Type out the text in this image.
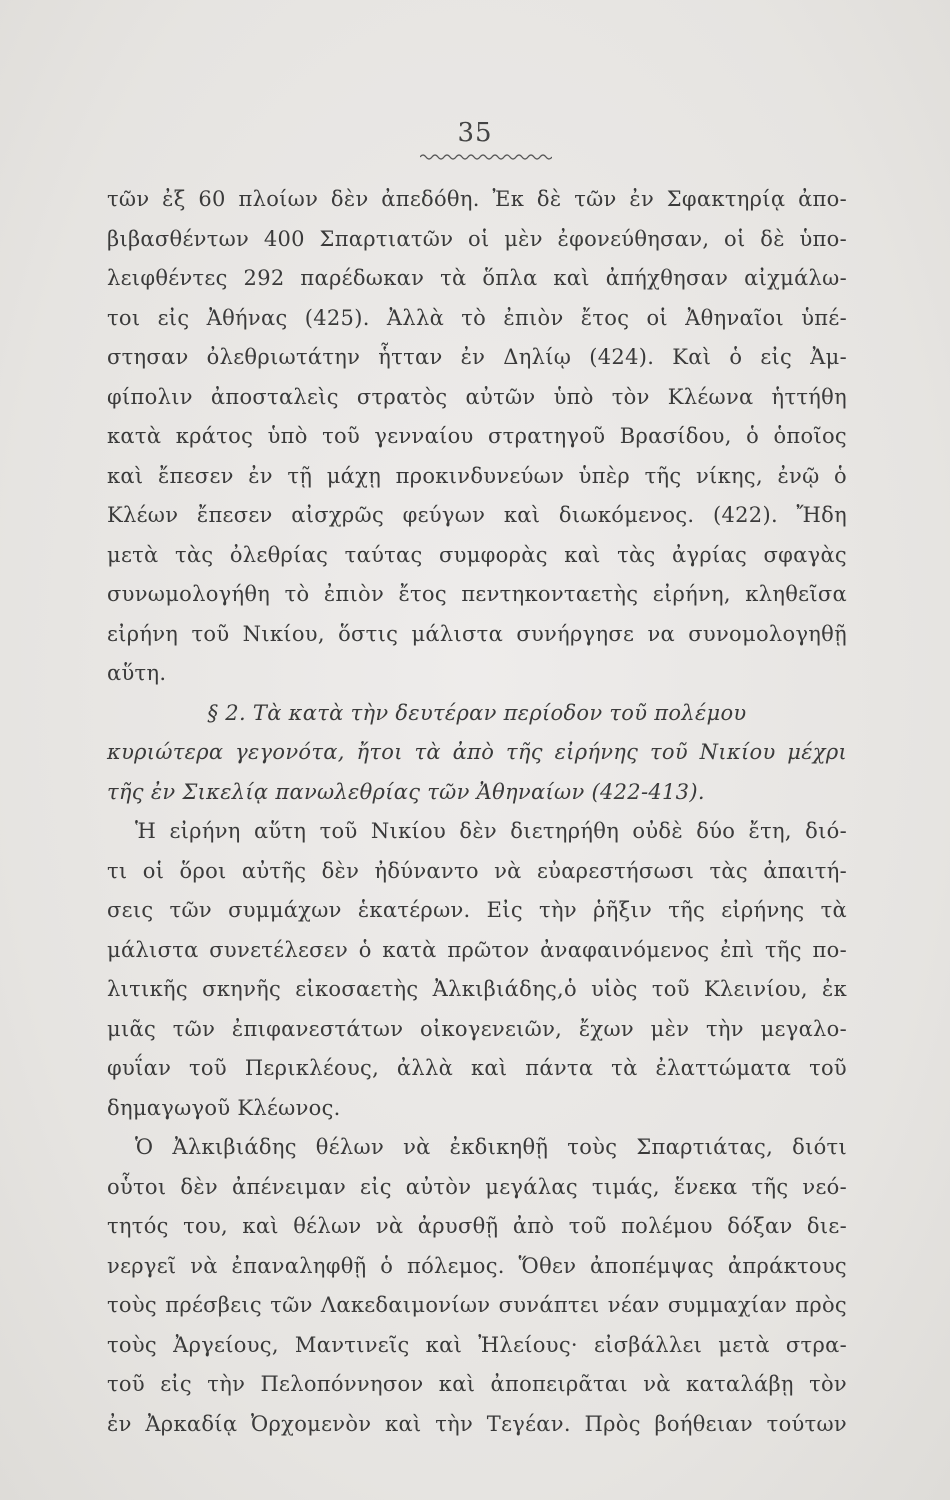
35
τῶν ἐξ 60 πλοίων δὲν ἀπεδόθη. Ἐκ δὲ τῶν ἐν Σφακτηρίᾳ ἀπο-
βιβασθέντων 400 Σπαρτιατῶν οἱ μὲν ἐφονεύθησαν, οἱ δὲ ὑπο-
λειφθέντες 292 παρέδωκαν τὰ ὅπλα καὶ ἀπήχθησαν αἰχμάλω-
τοι εἰς Ἀθήνας (425). Ἀλλὰ τὸ ἐπιὸν ἔτος οἱ Ἀθηναῖοι ὑπέ-
στησαν ὀλεθριωτάτην ἧτταν ἐν Δηλίῳ (424). Καὶ ὁ εἰς Ἀμ-
φίπολιν ἀποσταλεὶς στρατὸς αὐτῶν ὑπὸ τὸν Κλέωνα ἡττήθη
κατὰ κράτος ὑπὸ τοῦ γενναίου στρατηγοῦ Βρασίδου, ὁ ὁποῖος
καὶ ἔπεσεν ἐν τῇ μάχῃ προκινδυνεύων ὑπὲρ τῆς νίκης, ἐνῷ ὁ
Κλέων ἔπεσεν αἰσχρῶς φεύγων καὶ διωκόμενος. (422). Ἤδη
μετὰ τὰς ὀλεθρίας ταύτας συμφορὰς καὶ τὰς ἀγρίας σφαγὰς
συνωμολογήθη τὸ ἐπιὸν ἔτος πεντηκονταετὴς εἰρήνη, κληθεῖσα
εἰρήνη τοῦ Νικίου, ὅστις μάλιστα συνήργησε να συνομολογηθῇ
αὕτη.
§ 2. Τὰ κατὰ τὴν δευτέραν περίοδον τοῦ πολέμου
κυριώτερα γεγονότα, ἤτοι τὰ ἀπὸ τῆς εἰρήνης τοῦ Νικίου μέχρι
τῆς ἐν Σικελίᾳ πανωλεθρίας τῶν Ἀθηναίων (422-413).
Ἡ εἰρήνη αὕτη τοῦ Νικίου δὲν διετηρήθη οὐδὲ δύο ἔτη, διό-
τι οἱ ὅροι αὐτῆς δὲν ἠδύναντο νὰ εὐαρεστήσωσι τὰς ἀπαιτή-
σεις τῶν συμμάχων ἑκατέρων. Εἰς τὴν ῥῆξιν τῆς εἰρήνης τὰ
μάλιστα συνετέλεσεν ὁ κατὰ πρῶτον ἀναφαινόμενος ἐπὶ τῆς πο-
λιτικῆς σκηνῆς εἰκοσαετὴς Ἀλκιβιάδης,ὁ υἱὸς τοῦ Κλεινίου, ἐκ
μιᾶς τῶν ἐπιφανεστάτων οἰκογενειῶν, ἔχων μὲν τὴν μεγαλο-
φυΐαν τοῦ Περικλέους, ἀλλὰ καὶ πάντα τὰ ἐλαττώματα τοῦ
δημαγωγοῦ Κλέωνος.
Ὁ Ἀλκιβιάδης θέλων νὰ ἐκδικηθῇ τοὺς Σπαρτιάτας, διότι
οὗτοι δὲν ἀπένειμαν εἰς αὐτὸν μεγάλας τιμάς, ἕνεκα τῆς νεό-
τητός του, καὶ θέλων νὰ ἀρυσθῇ ἀπὸ τοῦ πολέμου δόξαν διε-
νεργεῖ νὰ ἐπαναληφθῇ ὁ πόλεμος. Ὅθεν ἀποπέμψας ἀπράκτους
τοὺς πρέσβεις τῶν Λακεδαιμονίων συνάπτει νέαν συμμαχίαν πρὸς
τοὺς Ἀργείους, Μαντινεῖς καὶ Ἠλείους· εἰσβάλλει μετὰ στρα-
τοῦ εἰς τὴν Πελοπόννησον καὶ ἀποπειρᾶται νὰ καταλάβῃ τὸν
ἐν Ἀρκαδίᾳ Ὀρχομενὸν καὶ τὴν Τεγέαν. Πρὸς βοήθειαν τούτων
